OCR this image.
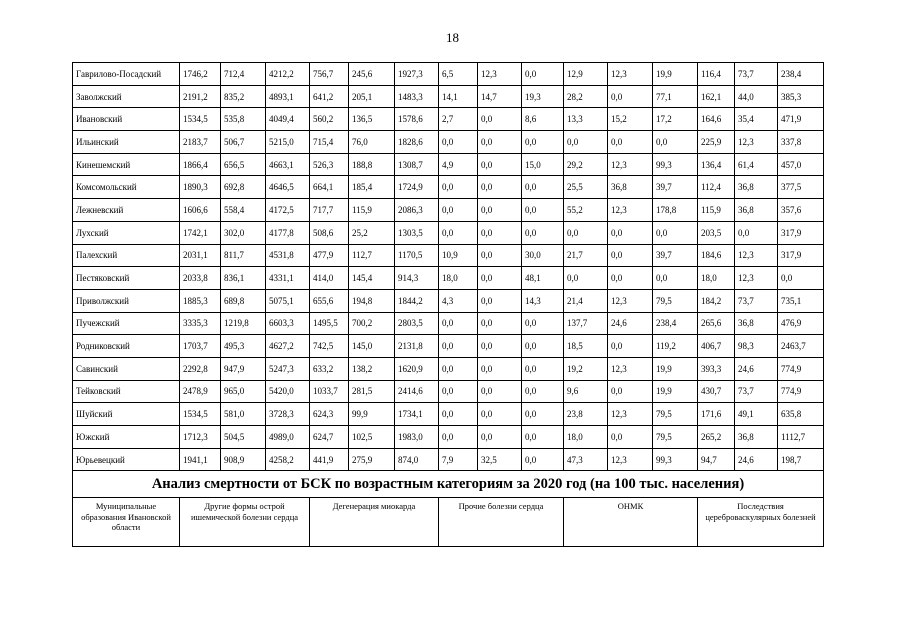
18
Гаврилово-Посадский	1746,2	712,4	4212,2	756,7	245,6	1927,3	6,5	12,3	0,0	12,9	12,3	19,9	116,4	73,7	238,4
Заволжский	2191,2	835,2	4893,1	641,2	205,1	1483,3	14,1	14,7	19,3	28,2	0,0	77,1	162,1	44,0	385,3
Ивановский	1534,5	535,8	4049,4	560,2	136,5	1578,6	2,7	0,0	8,6	13,3	15,2	17,2	164,6	35,4	471,9
Ильинский	2183,7	506,7	5215,0	715,4	76,0	1828,6	0,0	0,0	0,0	0,0	0,0	0,0	225,9	12,3	337,8
Кинешемский	1866,4	656,5	4663,1	526,3	188,8	1308,7	4,9	0,0	15,0	29,2	12,3	99,3	136,4	61,4	457,0
Комсомольский	1890,3	692,8	4646,5	664,1	185,4	1724,9	0,0	0,0	0,0	25,5	36,8	39,7	112,4	36,8	377,5
Лежневский	1606,6	558,4	4172,5	717,7	115,9	2086,3	0,0	0,0	0,0	55,2	12,3	178,8	115,9	36,8	357,6
Лухский	1742,1	302,0	4177,8	508,6	25,2	1303,5	0,0	0,0	0,0	0,0	0,0	0,0	203,5	0,0	317,9
Палехский	2031,1	811,7	4531,8	477,9	112,7	1170,5	10,9	0,0	30,0	21,7	0,0	39,7	184,6	12,3	317,9
Пестяковский	2033,8	836,1	4331,1	414,0	145,4	914,3	18,0	0,0	48,1	0,0	0,0	0,0	18,0	12,3	0,0
Приволжский	1885,3	689,8	5075,1	655,6	194,8	1844,2	4,3	0,0	14,3	21,4	12,3	79,5	184,2	73,7	735,1
Пучежский	3335,3	1219,8	6603,3	1495,5	700,2	2803,5	0,0	0,0	0,0	137,7	24,6	238,4	265,6	36,8	476,9
Родниковский	1703,7	495,3	4627,2	742,5	145,0	2131,8	0,0	0,0	0,0	18,5	0,0	119,2	406,7	98,3	2463,7
Савинский	2292,8	947,9	5247,3	633,2	138,2	1620,9	0,0	0,0	0,0	19,2	12,3	19,9	393,3	24,6	774,9
Тейковский	2478,9	965,0	5420,0	1033,7	281,5	2414,6	0,0	0,0	0,0	9,6	0,0	19,9	430,7	73,7	774,9
Шуйский	1534,5	581,0	3728,3	624,3	99,9	1734,1	0,0	0,0	0,0	23,8	12,3	79,5	171,6	49,1	635,8
Южский	1712,3	504,5	4989,0	624,7	102,5	1983,0	0,0	0,0	0,0	18,0	0,0	79,5	265,2	36,8	1112,7
Юрьевецкий	1941,1	908,9	4258,2	441,9	275,9	874,0	7,9	32,5	0,0	47,3	12,3	99,3	94,7	24,6	198,7
Анализ смертности от БСК по возрастным категориям за 2020 год (на 100 тыс. населения)															
Муниципальные образования Ивановской области	Другие формы острой ишемической болезни сердца			Дегенерация миокарда			Прочие болезни сердца			ОНМК			Последствия цереброваскулярных болезней		
